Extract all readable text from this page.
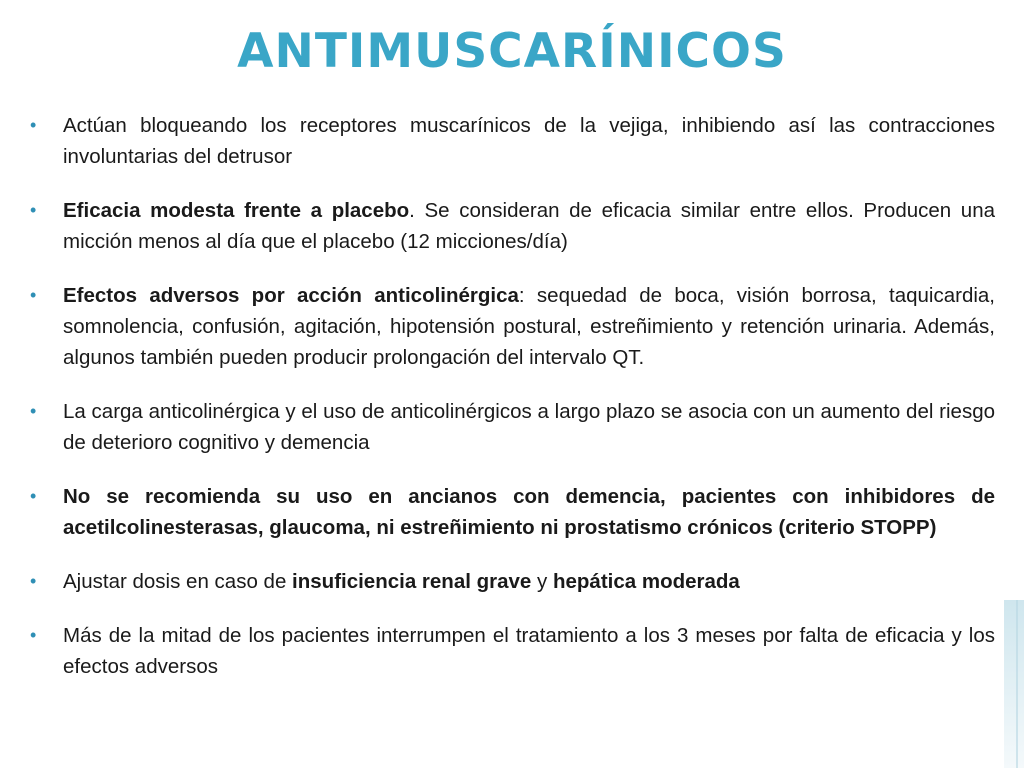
ANTIMUSCARÍNICOS
• Actúan bloqueando los receptores muscarínicos de la vejiga, inhibiendo así las contracciones involuntarias del detrusor
• Eficacia modesta frente a placebo. Se consideran de eficacia similar entre ellos. Producen una micción menos al día que el placebo (12 micciones/día)
• Efectos adversos por acción anticolinérgica: sequedad de boca, visión borrosa, taquicardia, somnolencia, confusión, agitación, hipotensión postural, estreñimiento y retención urinaria. Además, algunos también pueden producir prolongación del intervalo QT.
• La carga anticolinérgica y el uso de anticolinérgicos a largo plazo se asocia con un aumento del riesgo de deterioro cognitivo y demencia
• No se recomienda su uso en ancianos con demencia, pacientes con inhibidores de acetilcolinesterasas, glaucoma, ni estreñimiento ni prostatismo crónicos (criterio STOPP)
• Ajustar dosis en caso de insuficiencia renal grave y hepática moderada
• Más de la mitad de los pacientes interrumpen el tratamiento a los 3 meses por falta de eficacia y los efectos adversos
